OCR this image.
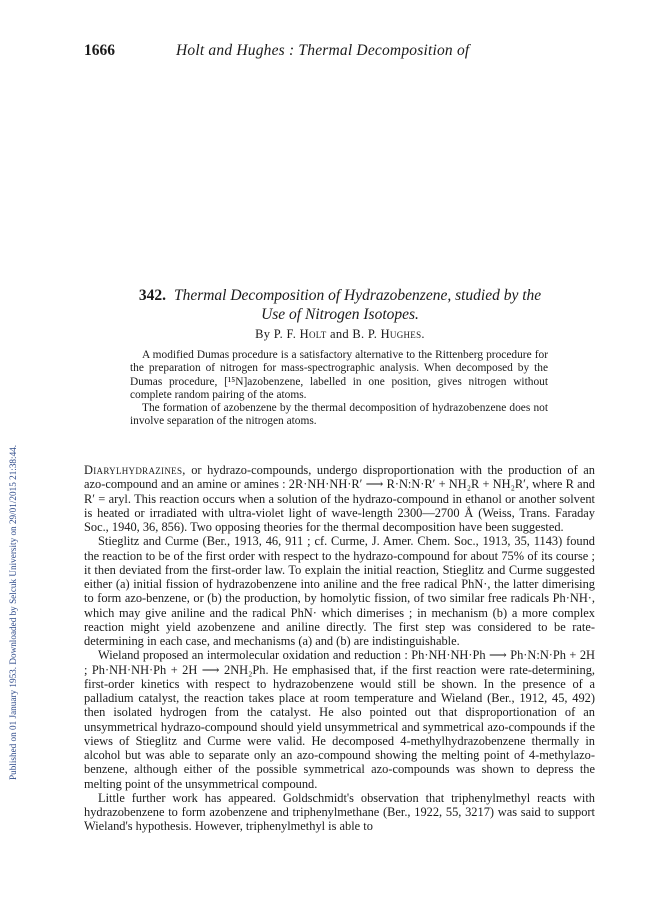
Published on 01 January 1953. Downloaded by Selcuk University on 29/01/2015 21:38:44.
1666	Holt and Hughes : Thermal Decomposition of
342. Thermal Decomposition of Hydrazobenzene, studied by the
Use of Nitrogen Isotopes.
By P. F. Holt and B. P. Hughes.

A modified Dumas procedure is a satisfactory alternative to the Rittenberg procedure for the preparation of nitrogen for mass-spectrographic analysis. When decomposed by the Dumas procedure, [¹⁵N]azobenzene, labelled in one position, gives nitrogen without complete random pairing of the atoms.

The formation of azobenzene by the thermal decomposition of hydrazobenzene does not involve separation of the nitrogen atoms.

Diarylhydrazines, or hydrazo-compounds, undergo disproportionation with the production of an azo-compound and an amine or amines : 2R·NH·NH·R′ ⟶ R·N:N·R′ + NH₂R + NH₂R′, where R and R′ = aryl. This reaction occurs when a solution of the hydrazo-compound in ethanol or another solvent is heated or irradiated with ultra-violet light of wave-length 2300—2700 Å (Weiss, Trans. Faraday Soc., 1940, 36, 856). Two opposing theories for the thermal decomposition have been suggested.

Stieglitz and Curme (Ber., 1913, 46, 911 ; cf. Curme, J. Amer. Chem. Soc., 1913, 35, 1143) found the reaction to be of the first order with respect to the hydrazo-compound for about 75% of its course ; it then deviated from the first-order law. To explain the initial reaction, Stieglitz and Curme suggested either (a) initial fission of hydrazobenzene into aniline and the free radical PhN·, the latter dimerising to form azo-benzene, or (b) the production, by homolytic fission, of two similar free radicals Ph·NH·, which may give aniline and the radical PhN· which dimerises ; in mechanism (b) a more complex reaction might yield azobenzene and aniline directly. The first step was considered to be rate-determining in each case, and mechanisms (a) and (b) are indistinguishable.

Wieland proposed an intermolecular oxidation and reduction : Ph·NH·NH·Ph ⟶ Ph·N:N·Ph + 2H ; Ph·NH·NH·Ph + 2H ⟶ 2NH₂Ph. He emphasised that, if the first reaction were rate-determining, first-order kinetics with respect to hydrazobenzene would still be shown. In the presence of a palladium catalyst, the reaction takes place at room temperature and Wieland (Ber., 1912, 45, 492) then isolated hydrogen from the catalyst. He also pointed out that disproportionation of an unsymmetrical hydrazo-compound should yield unsymmetrical and symmetrical azo-compounds if the views of Stieglitz and Curme were valid. He decomposed 4-methylhydrazobenzene thermally in alcohol but was able to separate only an azo-compound showing the melting point of 4-methylazobenzene, although either of the possible symmetrical azo-compounds was shown to depress the melting point of the unsymmetrical compound.

Little further work has appeared. Goldschmidt's observation that triphenylmethyl reacts with hydrazobenzene to form azobenzene and triphenylmethane (Ber., 1922, 55, 3217) was said to support Wieland's hypothesis. However, triphenylmethyl is able to
